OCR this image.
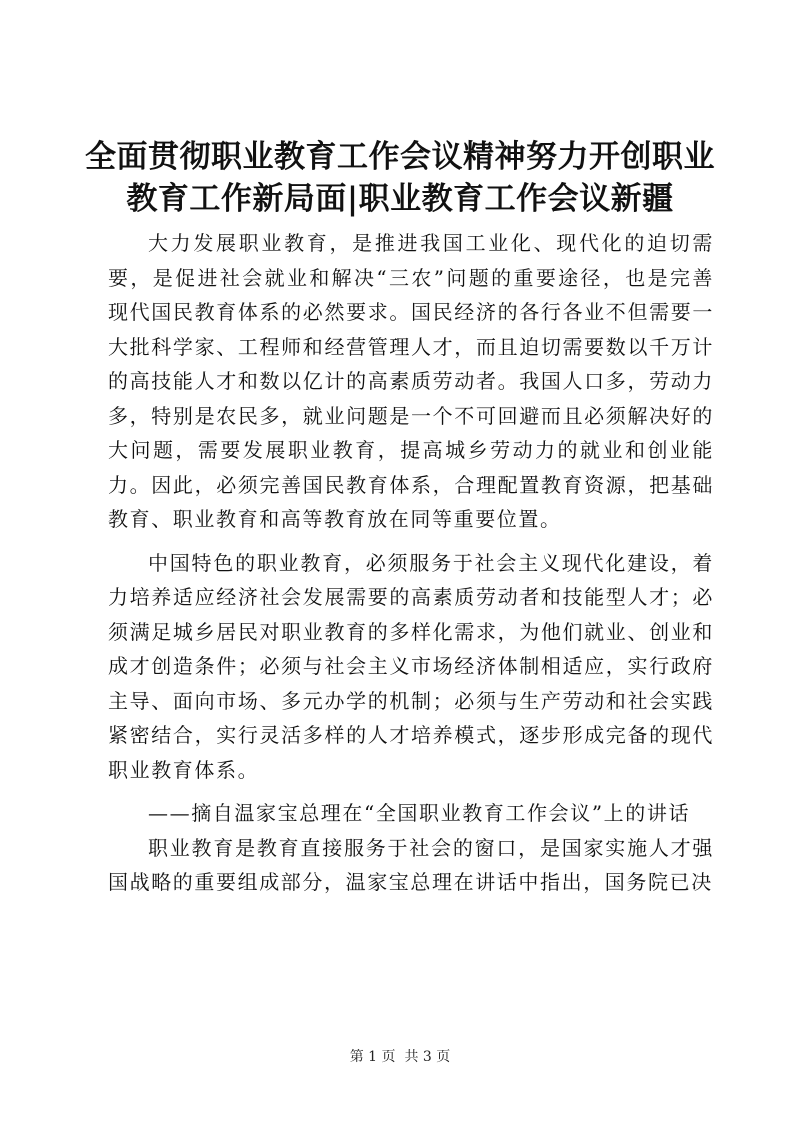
全面贯彻职业教育工作会议精神努力开创职业
教育工作新局面|职业教育工作会议新疆

大力发展职业教育，是推进我国工业化、现代化的迫切需要，是促进社会就业和解决“三农”问题的重要途径，也是完善现代国民教育体系的必然要求。国民经济的各行各业不但需要一大批科学家、工程师和经营管理人才，而且迫切需要数以千万计的高技能人才和数以亿计的高素质劳动者。我国人口多，劳动力多，特别是农民多，就业问题是一个不可回避而且必须解决好的大问题，需要发展职业教育，提高城乡劳动力的就业和创业能力。因此，必须完善国民教育体系，合理配置教育资源，把基础教育、职业教育和高等教育放在同等重要位置。

中国特色的职业教育，必须服务于社会主义现代化建设，着力培养适应经济社会发展需要的高素质劳动者和技能型人才；必须满足城乡居民对职业教育的多样化需求，为他们就业、创业和成才创造条件；必须与社会主义市场经济体制相适应，实行政府主导、面向市场、多元办学的机制；必须与生产劳动和社会实践紧密结合，实行灵活多样的人才培养模式，逐步形成完备的现代职业教育体系。

——摘自温家宝总理在“全国职业教育工作会议”上的讲话

职业教育是教育直接服务于社会的窗口，是国家实施人才强国战略的重要组成部分，温家宝总理在讲话中指出，国务院已决

第 1 页  共 3 页
